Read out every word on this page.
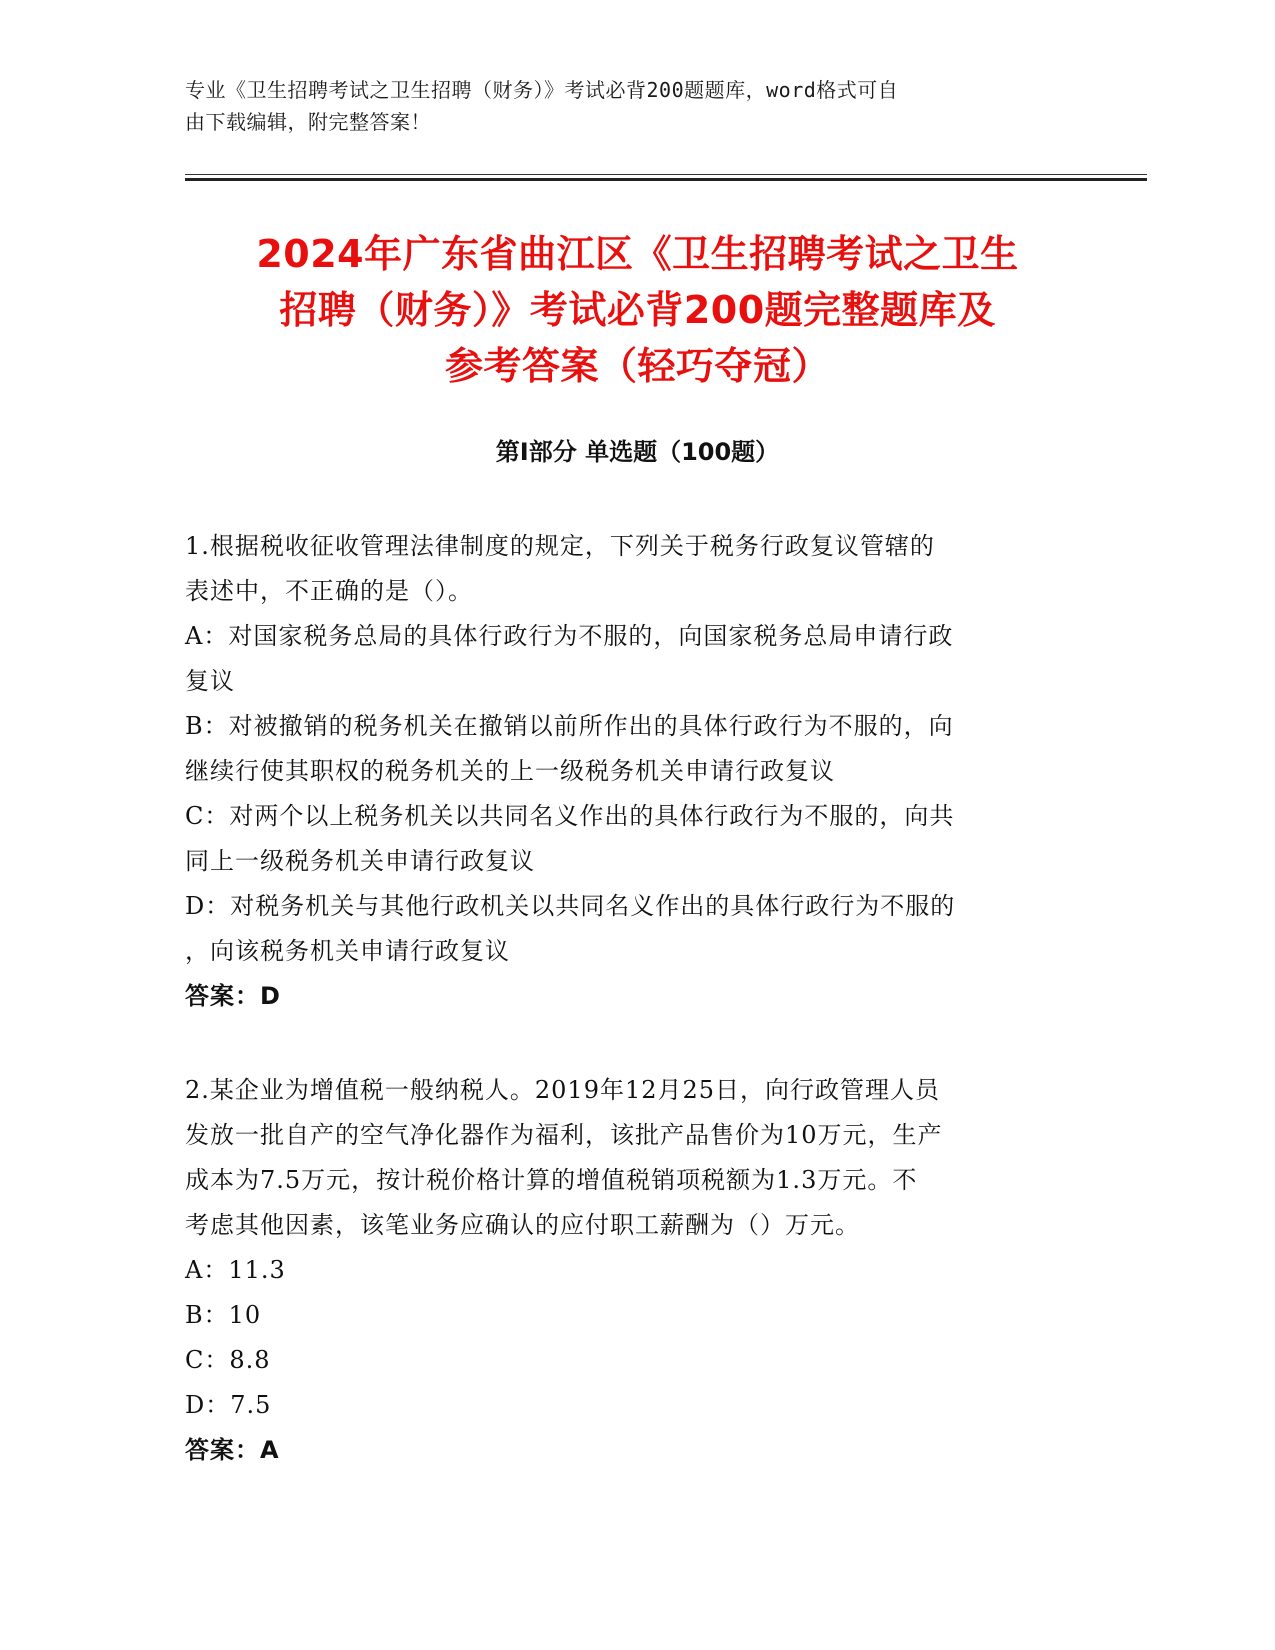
专业《卫生招聘考试之卫生招聘（财务）》考试必背200题题库，word格式可自
由下载编辑，附完整答案！
2024年广东省曲江区《卫生招聘考试之卫生
招聘（财务）》考试必背200题完整题库及
参考答案（轻巧夺冠）
第Ⅰ部分 单选题（100题）
1.根据税收征收管理法律制度的规定，下列关于税务行政复议管辖的
表述中，不正确的是（）。
A：对国家税务总局的具体行政行为不服的，向国家税务总局申请行政
复议
B：对被撤销的税务机关在撤销以前所作出的具体行政行为不服的，向
继续行使其职权的税务机关的上一级税务机关申请行政复议
C：对两个以上税务机关以共同名义作出的具体行政行为不服的，向共
同上一级税务机关申请行政复议
D：对税务机关与其他行政机关以共同名义作出的具体行政行为不服的
，向该税务机关申请行政复议
答案：D
2.某企业为增值税一般纳税人。2019年12月25日，向行政管理人员
发放一批自产的空气净化器作为福利，该批产品售价为10万元，生产
成本为7.5万元，按计税价格计算的增值税销项税额为1.3万元。不
考虑其他因素，该笔业务应确认的应付职工薪酬为（）万元。
A：11.3
B：10
C：8.8
D：7.5
答案：A
